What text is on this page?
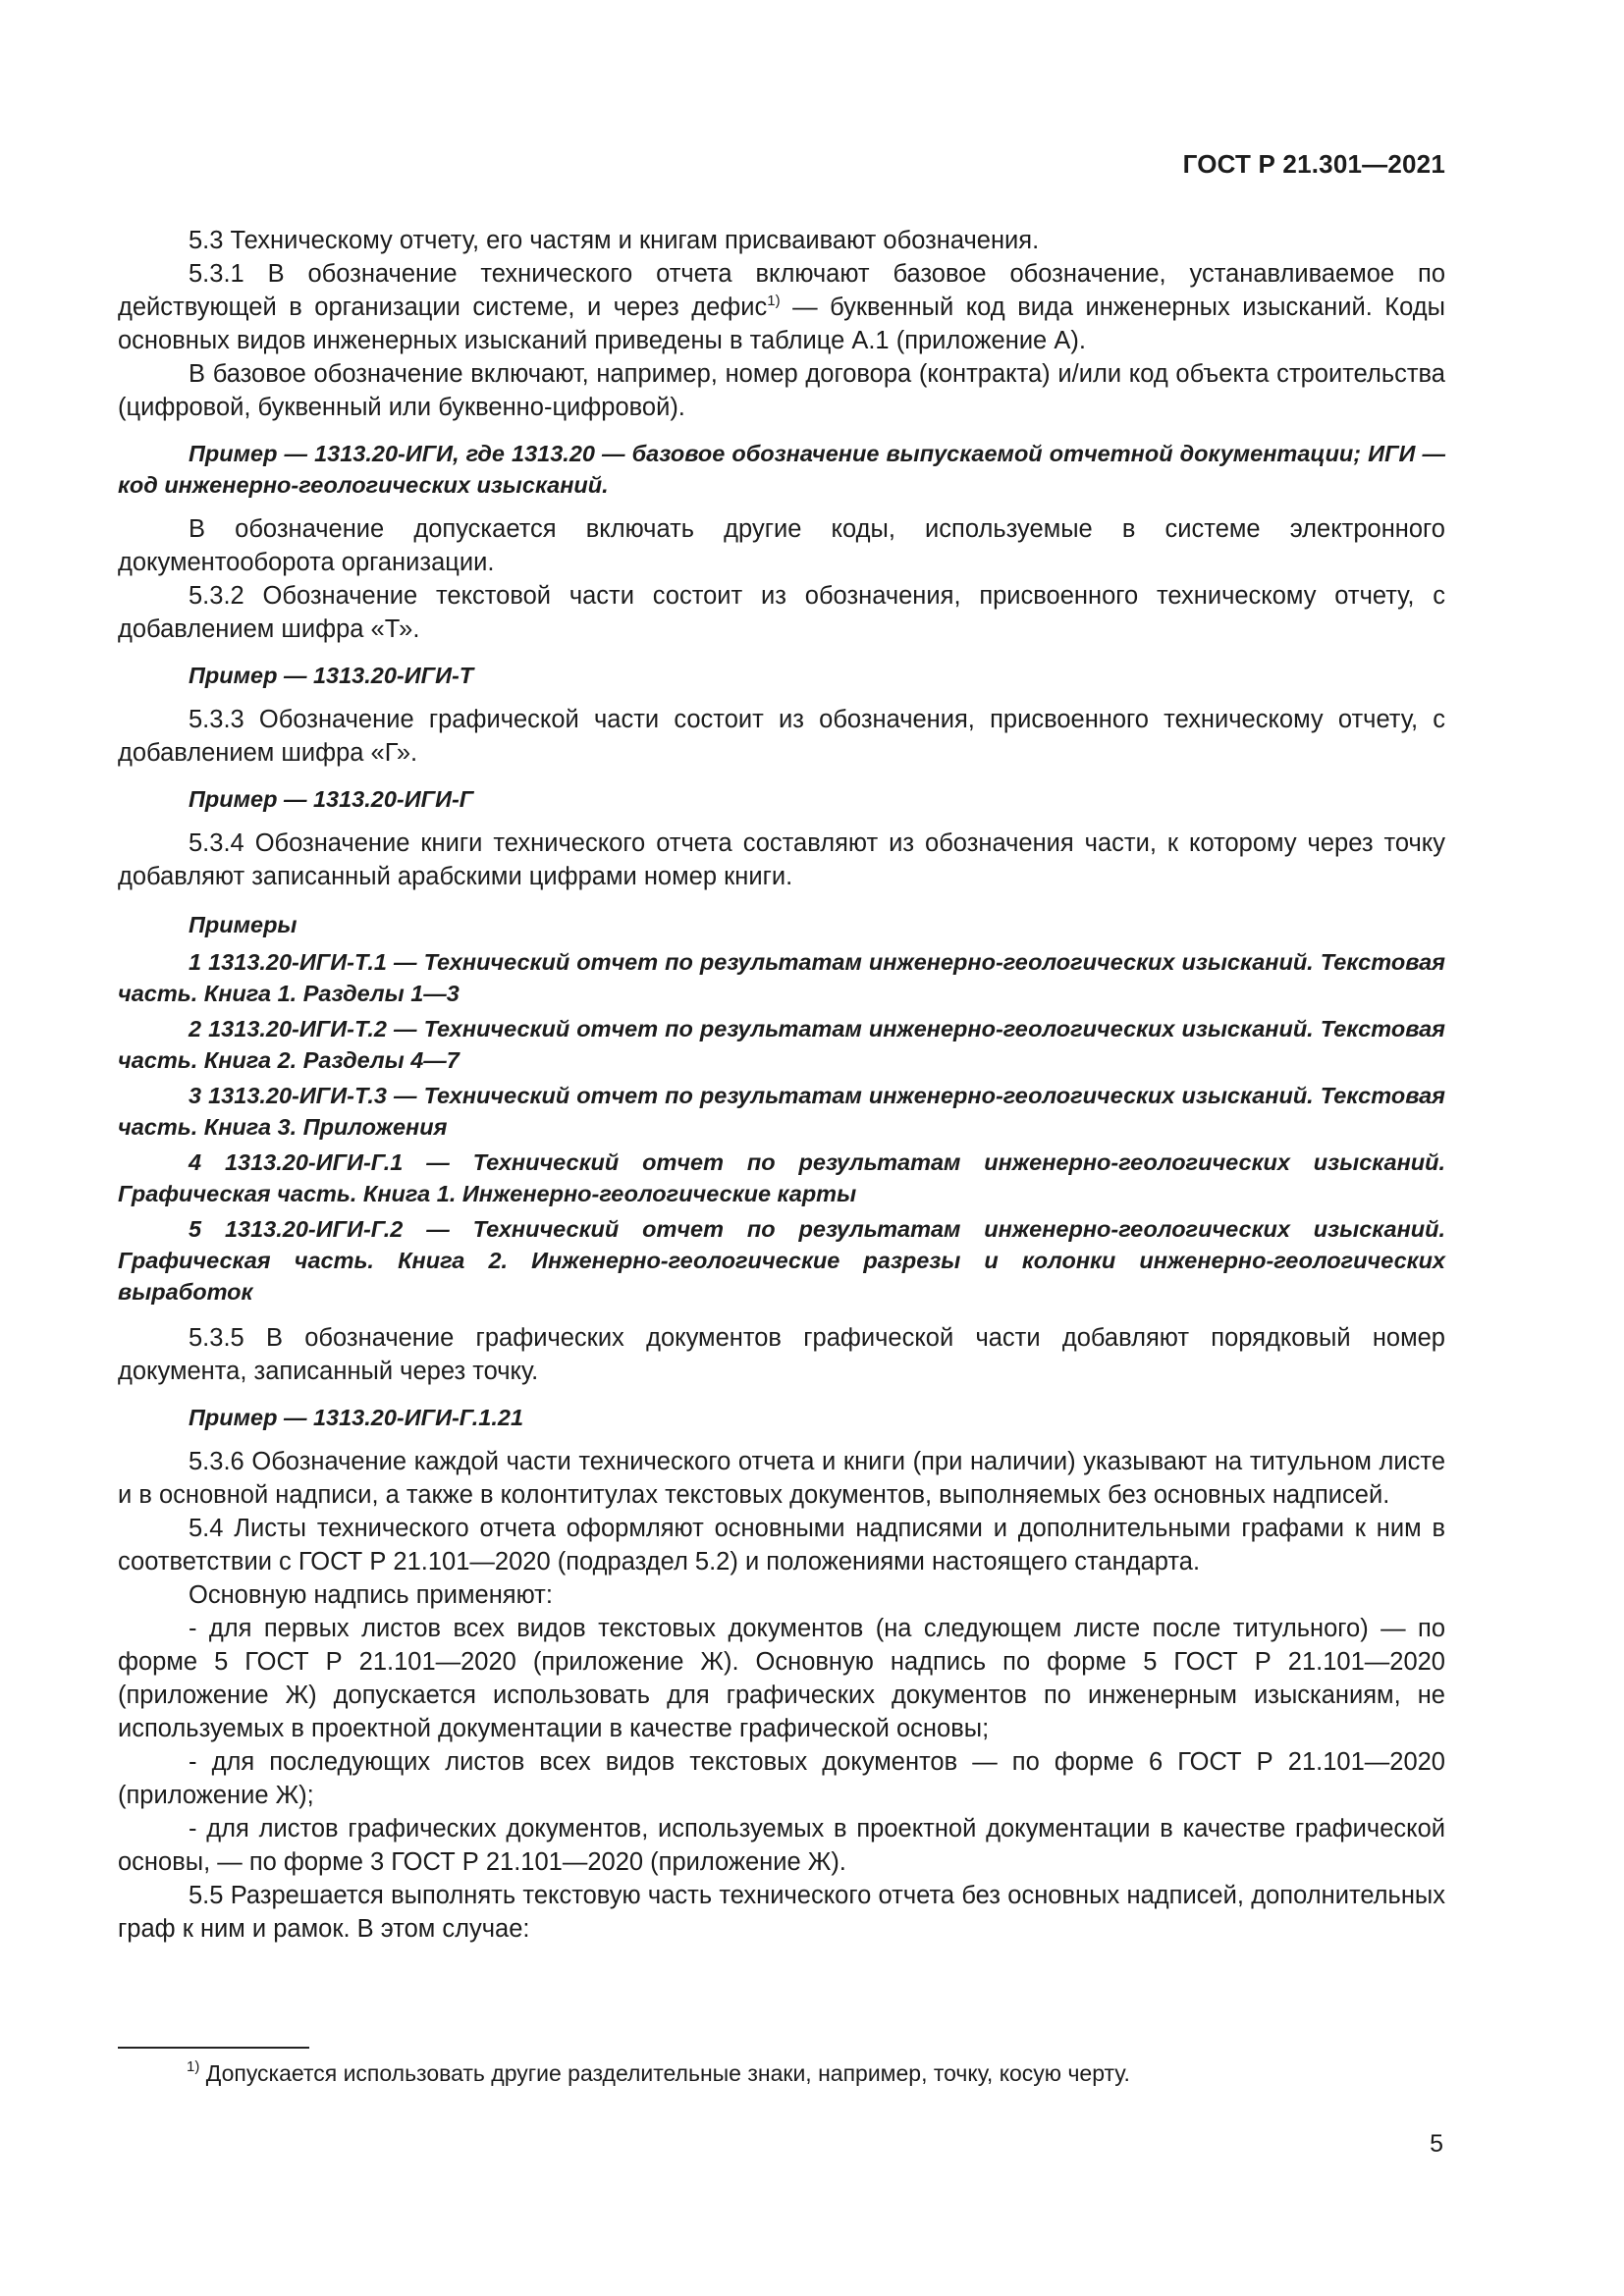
ГОСТ Р 21.301—2021

5.3 Техническому отчету, его частям и книгам присваивают обозначения.

5.3.1 В обозначение технического отчета включают базовое обозначение, устанавливаемое по действующей в организации системе, и через дефис$^{1)}$ — буквенный код вида инженерных изысканий. Коды основных видов инженерных изысканий приведены в таблице А.1 (приложение А).

В базовое обозначение включают, например, номер договора (контракта) и/или код объекта строительства (цифровой, буквенный или буквенно-цифровой).

Пример — 1313.20-ИГИ, где 1313.20 — базовое обозначение выпускаемой отчетной документации; ИГИ — код инженерно-геологических изысканий.

В обозначение допускается включать другие коды, используемые в системе электронного документооборота организации.

5.3.2 Обозначение текстовой части состоит из обозначения, присвоенного техническому отчету, с добавлением шифра «Т».

Пример — 1313.20-ИГИ-Т

5.3.3 Обозначение графической части состоит из обозначения, присвоенного техническому отчету, с добавлением шифра «Г».

Пример — 1313.20-ИГИ-Г

5.3.4 Обозначение книги технического отчета составляют из обозначения части, к которому через точку добавляют записанный арабскими цифрами номер книги.

Примеры

1 1313.20-ИГИ-Т.1 — Технический отчет по результатам инженерно-геологических изысканий. Текстовая часть. Книга 1. Разделы 1—3

2 1313.20-ИГИ-Т.2 — Технический отчет по результатам инженерно-геологических изысканий. Текстовая часть. Книга 2. Разделы 4—7

3 1313.20-ИГИ-Т.3 — Технический отчет по результатам инженерно-геологических изысканий. Текстовая часть. Книга 3. Приложения

4 1313.20-ИГИ-Г.1 — Технический отчет по результатам инженерно-геологических изысканий. Графическая часть. Книга 1. Инженерно-геологические карты

5 1313.20-ИГИ-Г.2 — Технический отчет по результатам инженерно-геологических изысканий. Графическая часть. Книга 2. Инженерно-геологические разрезы и колонки инженерно-геологических выработок

5.3.5 В обозначение графических документов графической части добавляют порядковый номер документа, записанный через точку.

Пример — 1313.20-ИГИ-Г.1.21

5.3.6 Обозначение каждой части технического отчета и книги (при наличии) указывают на титульном листе и в основной надписи, а также в колонтитулах текстовых документов, выполняемых без основных надписей.

5.4 Листы технического отчета оформляют основными надписями и дополнительными графами к ним в соответствии с ГОСТ Р 21.101—2020 (подраздел 5.2) и положениями настоящего стандарта.

Основную надпись применяют:

- для первых листов всех видов текстовых документов (на следующем листе после титульного) — по форме 5 ГОСТ Р 21.101—2020 (приложение Ж). Основную надпись по форме 5 ГОСТ Р 21.101—2020 (приложение Ж) допускается использовать для графических документов по инженерным изысканиям, не используемых в проектной документации в качестве графической основы;

- для последующих листов всех видов текстовых документов — по форме 6 ГОСТ Р 21.101—2020 (приложение Ж);

- для листов графических документов, используемых в проектной документации в качестве графической основы, — по форме 3 ГОСТ Р 21.101—2020 (приложение Ж).

5.5 Разрешается выполнять текстовую часть технического отчета без основных надписей, дополнительных граф к ним и рамок. В этом случае:

$^{1)}$ Допускается использовать другие разделительные знаки, например, точку, косую черту.
5
